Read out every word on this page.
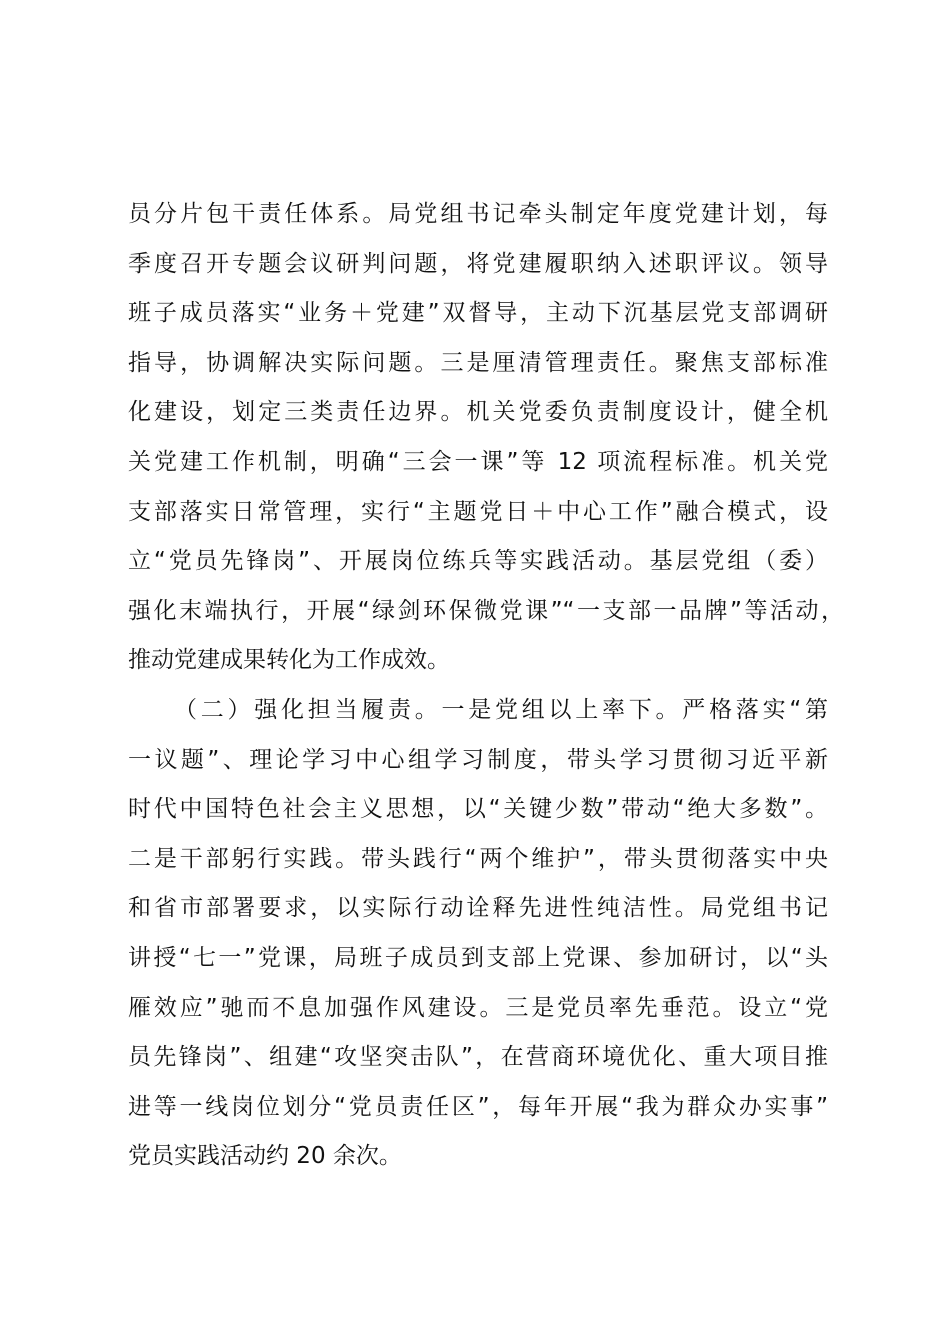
员分片包干责任体系。局党组书记牵头制定年度党建计划，每
季度召开专题会议研判问题，将党建履职纳入述职评议。领导
班子成员落实“业务＋党建”双督导，主动下沉基层党支部调研
指导，协调解决实际问题。三是厘清管理责任。聚焦支部标准
化建设，划定三类责任边界。机关党委负责制度设计，健全机
关党建工作机制，明确“三会一课”等 12 项流程标准。机关党
支部落实日常管理，实行“主题党日＋中心工作”融合模式，设
立“党员先锋岗”、开展岗位练兵等实践活动。基层党组（委）
强化末端执行，开展“绿剑环保微党课”“一支部一品牌”等活动，
推动党建成果转化为工作成效。
（二）强化担当履责。一是党组以上率下。严格落实“第
一议题”、理论学习中心组学习制度，带头学习贯彻习近平新
时代中国特色社会主义思想，以“关键少数”带动“绝大多数”。
二是干部躬行实践。带头践行“两个维护”，带头贯彻落实中央
和省市部署要求，以实际行动诠释先进性纯洁性。局党组书记
讲授“七一”党课，局班子成员到支部上党课、参加研讨，以“头
雁效应”驰而不息加强作风建设。三是党员率先垂范。设立“党
员先锋岗”、组建“攻坚突击队”，在营商环境优化、重大项目推
进等一线岗位划分“党员责任区”，每年开展“我为群众办实事”
党员实践活动约 20 余次。
